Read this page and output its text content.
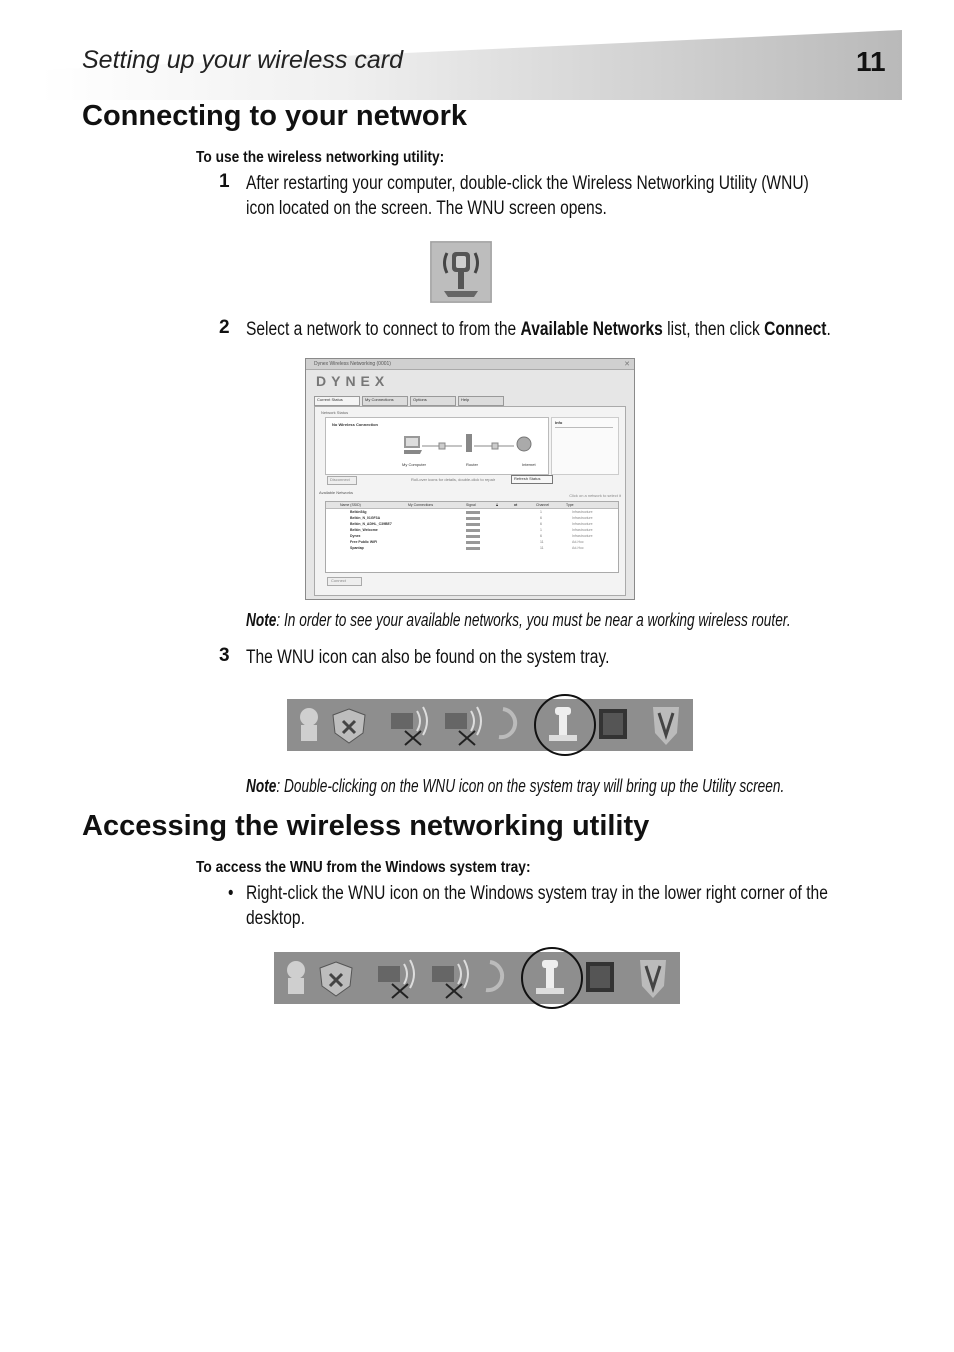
Setting up your wireless card	11
Connecting to your network
To use the wireless networking utility:
1 After restarting your computer, double-click the Wireless Networking Utility (WNU)
icon located on the screen. The WNU screen opens.
2 Select a network to connect to from the Available Networks list, then click Connect.
Dynex Wireless Networking (0001)	✕
DYNEX
Current Status	My Connections	Options	Help
Network Status
No Wireless Connection
My Computer	Router	Internet
Info
Disconnect	Roll-over icons for details, double-click to repair	Refresh Status
Available Networks
Click on a network to select it
Name (SSID)	My Connections	Signal	🔒︎	⇄	Channel	Type
Belkin54g	1	Infrastructure
Belkin_N_01GF3A	6	Infrastructure
Belkin_N_ADHL_C39BE7	6	Infrastructure
Belkin_Welcome	1	Infrastructure
Dynex	6	Infrastructure
Free Public WiFi	11	Ad-Hoc
Spantap	11	Ad-Hoc
Connect
Note: In order to see your available networks, you must be near a working wireless router.
3 The WNU icon can also be found on the system tray.
Note: Double-clicking on the WNU icon on the system tray will bring up the Utility screen.
Accessing the wireless networking utility
To access the WNU from the Windows system tray:
• Right-click the WNU icon on the Windows system tray in the lower right corner of the
desktop.
